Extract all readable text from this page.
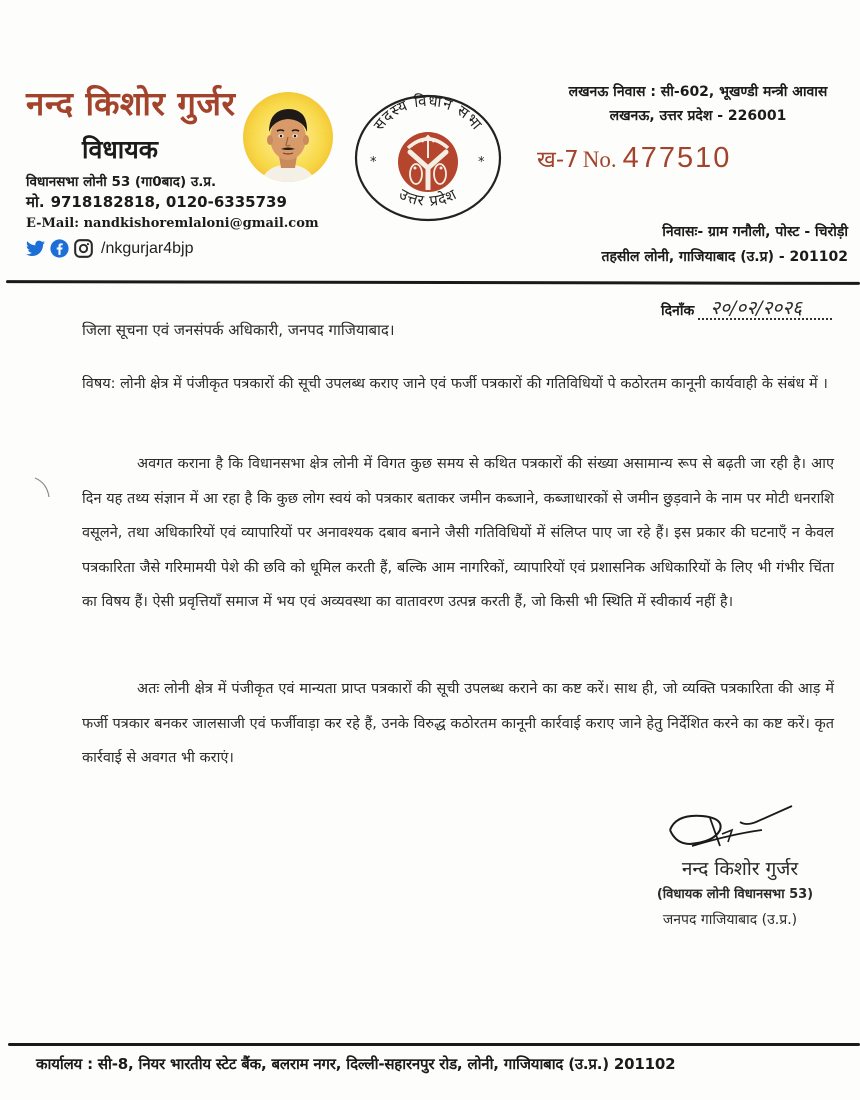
नन्द किशोर गुर्जर
विधायक
विधानसभा लोनी 53 (गा0बाद) उ.प्र.
मो. 9718182818, 0120-6335739
E-Mail: nandkishoremlaloni@gmail.com
/nkgurjar4bjp
सदस्य विधान सभा
उत्तर प्रदेश
*	*
लखनऊ निवास : सी-602, भूखण्डी मन्त्री आवास
लखनऊ, उत्तर प्रदेश - 226001
ख-7 No. 477510
निवासः- ग्राम गनौली, पोस्ट - चिरोड़ी
तहसील लोनी, गाजियाबाद (उ.प्र) - 201102
दिनाँक २०/०२/२०२६
जिला सूचना एवं जनसंपर्क अधिकारी, जनपद गाजियाबाद।
विषय: लोनी क्षेत्र में पंजीकृत पत्रकारों की सूची उपलब्ध कराए जाने एवं फर्जी पत्रकारों की गतिविधियों पे कठोरतम कानूनी कार्यवाही के संबंध में ।
अवगत कराना है कि विधानसभा क्षेत्र लोनी में विगत कुछ समय से कथित पत्रकारों की संख्या असामान्य रूप से बढ़ती जा रही है। आए दिन यह तथ्य संज्ञान में आ रहा है कि कुछ लोग स्वयं को पत्रकार बताकर जमीन कब्जाने, कब्जाधारकों से जमीन छुड़वाने के नाम पर मोटी धनराशि वसूलने, तथा अधिकारियों एवं व्यापारियों पर अनावश्यक दबाव बनाने जैसी गतिविधियों में संलिप्त पाए जा रहे हैं। इस प्रकार की घटनाएँ न केवल पत्रकारिता जैसे गरिमामयी पेशे की छवि को धूमिल करती हैं, बल्कि आम नागरिकों, व्यापारियों एवं प्रशासनिक अधिकारियों के लिए भी गंभीर चिंता का विषय हैं। ऐसी प्रवृत्तियाँ समाज में भय एवं अव्यवस्था का वातावरण उत्पन्न करती हैं, जो किसी भी स्थिति में स्वीकार्य नहीं है।
अतः लोनी क्षेत्र में पंजीकृत एवं मान्यता प्राप्त पत्रकारों की सूची उपलब्ध कराने का कष्ट करें। साथ ही, जो व्यक्ति पत्रकारिता की आड़ में फर्जी पत्रकार बनकर जालसाजी एवं फर्जीवाड़ा कर रहे हैं, उनके विरुद्ध कठोरतम कानूनी कार्रवाई कराए जाने हेतु निर्देशित करने का कष्ट करें। कृत कार्रवाई से अवगत भी कराएं।
नन्द किशोर गुर्जर
(विधायक लोनी विधानसभा 53)
जनपद गाजियाबाद (उ.प्र.)
कार्यालय : सी-8, नियर भारतीय स्टेट बैंक, बलराम नगर, दिल्ली-सहारनपुर रोड, लोनी, गाजियाबाद (उ.प्र.) 201102
